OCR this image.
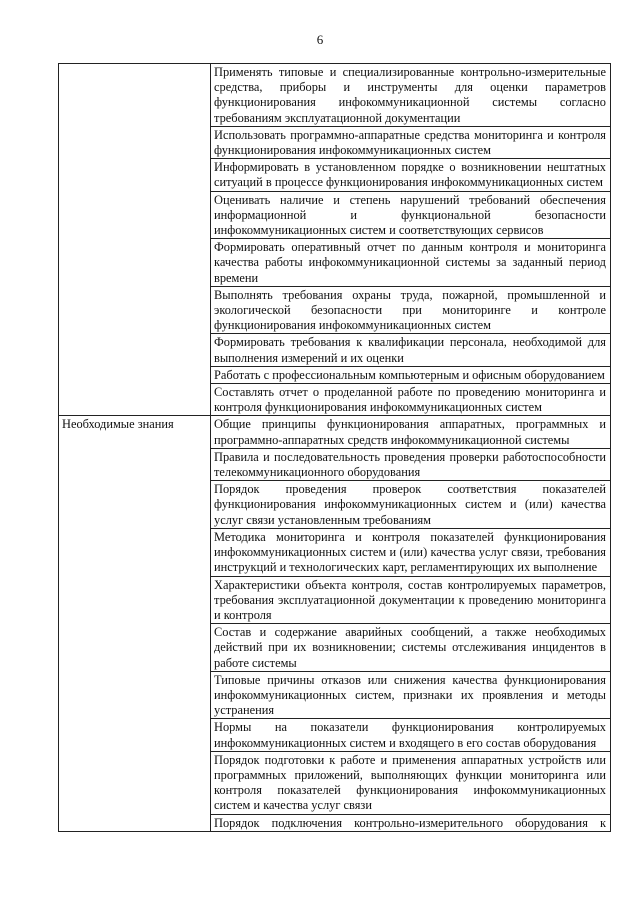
6
	Применять типовые и специализированные контрольно-измерительные средства, приборы и инструменты для оценки параметров функционирования инфокоммуникационной системы согласно требованиям эксплуатационной документации
	Использовать программно-аппаратные средства мониторинга и контроля функционирования инфокоммуникационных систем
	Информировать в установленном порядке о возникновении нештатных ситуаций в процессе функционирования инфокоммуникационных систем
	Оценивать наличие и степень нарушений требований обеспечения информационной и функциональной безопасности инфокоммуникационных систем и соответствующих сервисов
	Формировать оперативный отчет по данным контроля и мониторинга качества работы инфокоммуникационной системы за заданный период времени
	Выполнять требования охраны труда, пожарной, промышленной и экологической безопасности при мониторинге и контроле функционирования инфокоммуникационных систем
	Формировать требования к квалификации персонала, необходимой для выполнения измерений и их оценки
	Работать с профессиональным компьютерным и офисным оборудованием
	Составлять отчет о проделанной работе по проведению мониторинга и контроля функционирования инфокоммуникационных систем
Необходимые знания	Общие принципы функционирования аппаратных, программных и программно-аппаратных средств инфокоммуникационной системы
	Правила и последовательность проведения проверки работоспособности телекоммуникационного оборудования
	Порядок проведения проверок соответствия показателей функционирования инфокоммуникационных систем и (или) качества услуг связи установленным требованиям
	Методика мониторинга и контроля показателей функционирования инфокоммуникационных систем и (или) качества услуг связи, требования инструкций и технологических карт, регламентирующих их выполнение
	Характеристики объекта контроля, состав контролируемых параметров, требования эксплуатационной документации к проведению мониторинга и контроля
	Состав и содержание аварийных сообщений, а также необходимых действий при их возникновении; системы отслеживания инцидентов в работе системы
	Типовые причины отказов или снижения качества функционирования инфокоммуникационных систем, признаки их проявления и методы устранения
	Нормы на показатели функционирования контролируемых инфокоммуникационных систем и входящего в его состав оборудования
	Порядок подготовки к работе и применения аппаратных устройств или программных приложений, выполняющих функции мониторинга или контроля показателей функционирования инфокоммуникационных систем и качества услуг связи
	Порядок подключения контрольно-измерительного оборудования к
